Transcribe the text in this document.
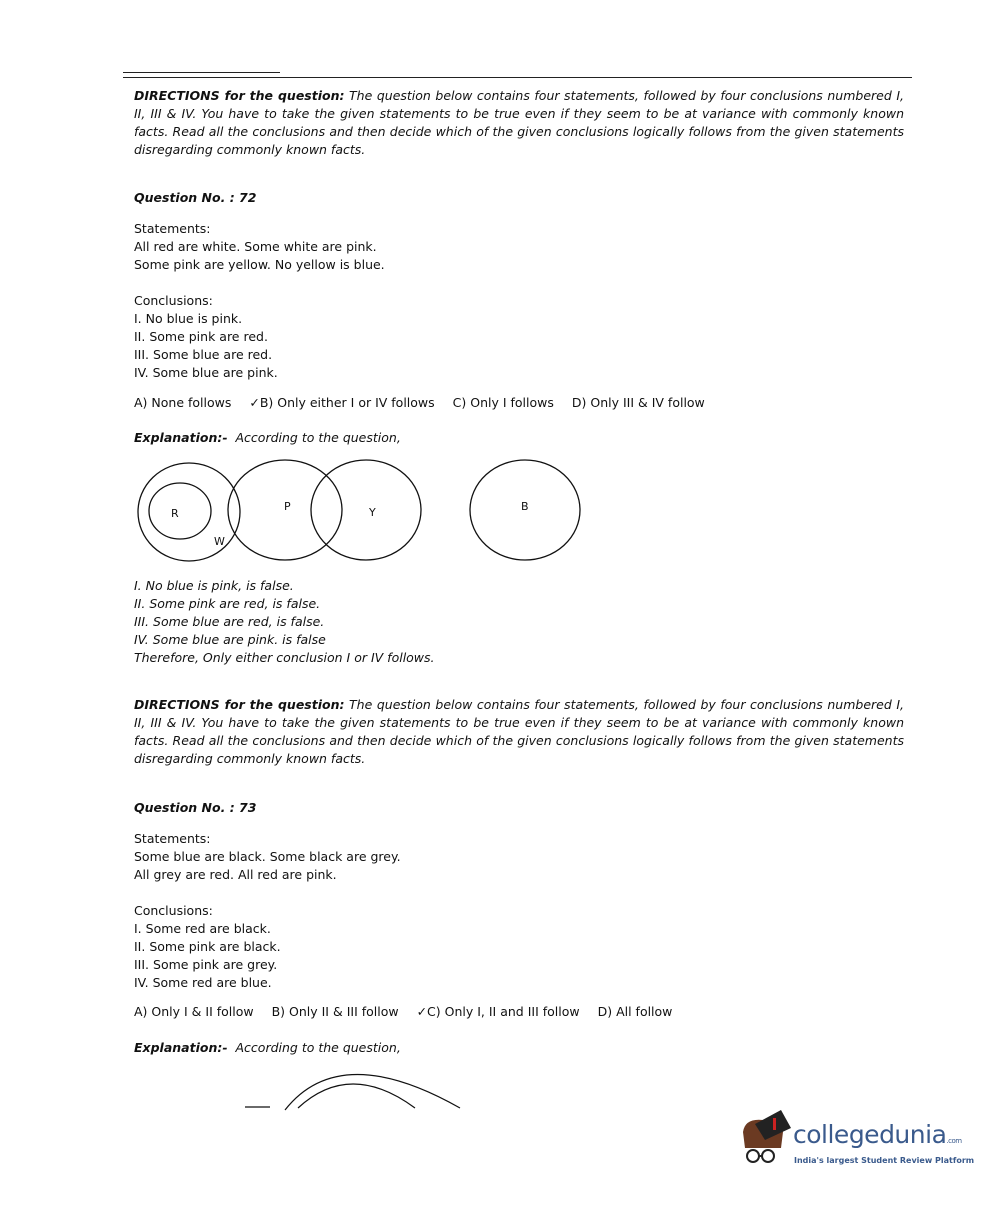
DIRECTIONS for the question: The question below contains four statements, followed by four conclusions numbered I, II, III & IV. You have to take the given statements to be true even if they seem to be at variance with commonly known facts. Read all the conclusions and then decide which of the given conclusions logically follows from the given statements disregarding commonly known facts.
Question No. : 72
Statements:
All red are white. Some white are pink.
Some pink are yellow. No yellow is blue.
Conclusions:
I. No blue is pink.
II. Some pink are red.
III. Some blue are red.
IV. Some blue are pink.
A) None follows ✓B) Only either I or IV follows C) Only I follows D) Only III & IV follow
Explanation:- According to the question,
R
W
P	Y	B
I. No blue is pink, is false.
II. Some pink are red, is false.
III. Some blue are red, is false.
IV. Some blue are pink. is false
Therefore, Only either conclusion I or IV follows.
DIRECTIONS for the question: The question below contains four statements, followed by four conclusions numbered I, II, III & IV. You have to take the given statements to be true even if they seem to be at variance with commonly known facts. Read all the conclusions and then decide which of the given conclusions logically follows from the given statements disregarding commonly known facts.
Question No. : 73
Statements:
Some blue are black. Some black are grey.
All grey are red. All red are pink.
Conclusions:
I. Some red are black.
II. Some pink are black.
III. Some pink are grey.
IV. Some red are blue.
A) Only I & II follow B) Only II & III follow ✓C) Only I, II and III follow D) All follow
Explanation:- According to the question,
collegedunia.com
India's largest Student Review Platform
